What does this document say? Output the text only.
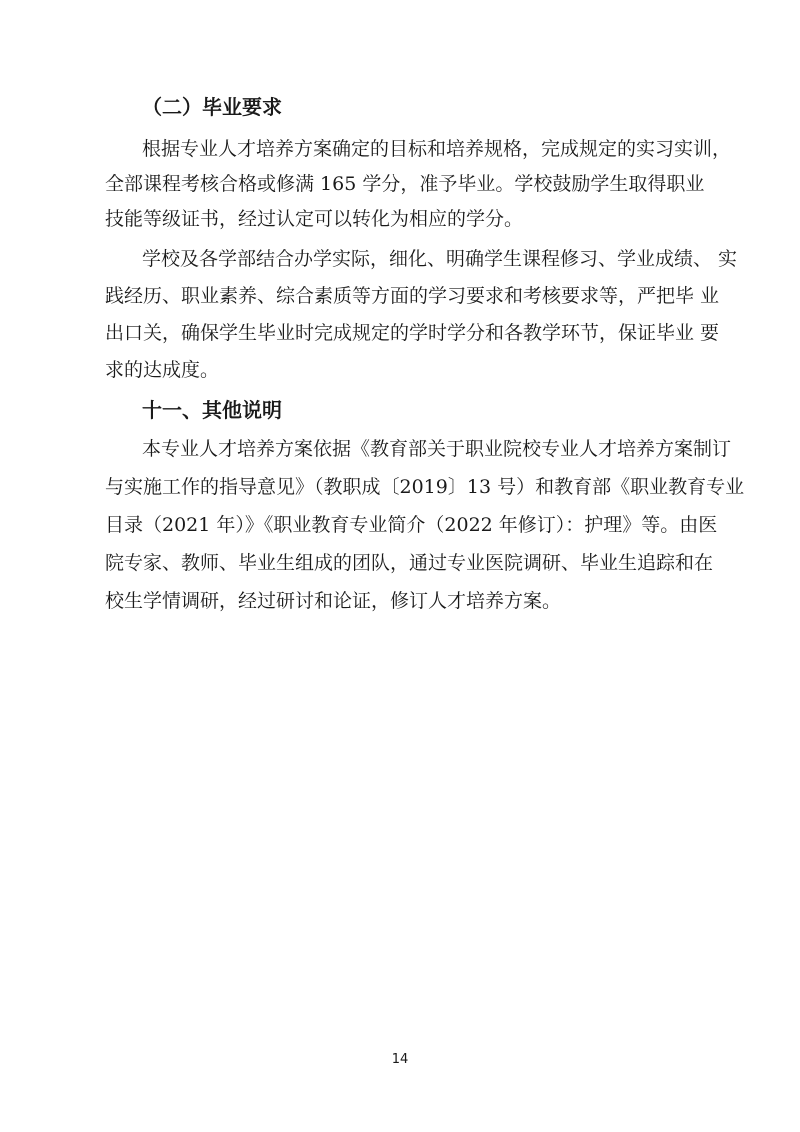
（二）毕业要求
根据专业人才培养方案确定的目标和培养规格，完成规定的实习实训，
全部课程考核合格或修满 165 学分，准予毕业。学校鼓励学生取得职业
技能等级证书，经过认定可以转化为相应的学分。
学校及各学部结合办学实际，细化、明确学生课程修习、学业成绩、 实
践经历、职业素养、综合素质等方面的学习要求和考核要求等，严把毕 业
出口关，确保学生毕业时完成规定的学时学分和各教学环节，保证毕业 要
求的达成度。
十一、其他说明
本专业人才培养方案依据《教育部关于职业院校专业人才培养方案制订
与实施工作的指导意见》（教职成〔2019〕13 号）和教育部《职业教育专业
目录（2021 年）》《职业教育专业简介（2022 年修订）：护理》等。由医
院专家、教师、毕业生组成的团队，通过专业医院调研、毕业生追踪和在
校生学情调研，经过研讨和论证，修订人才培养方案。
14
